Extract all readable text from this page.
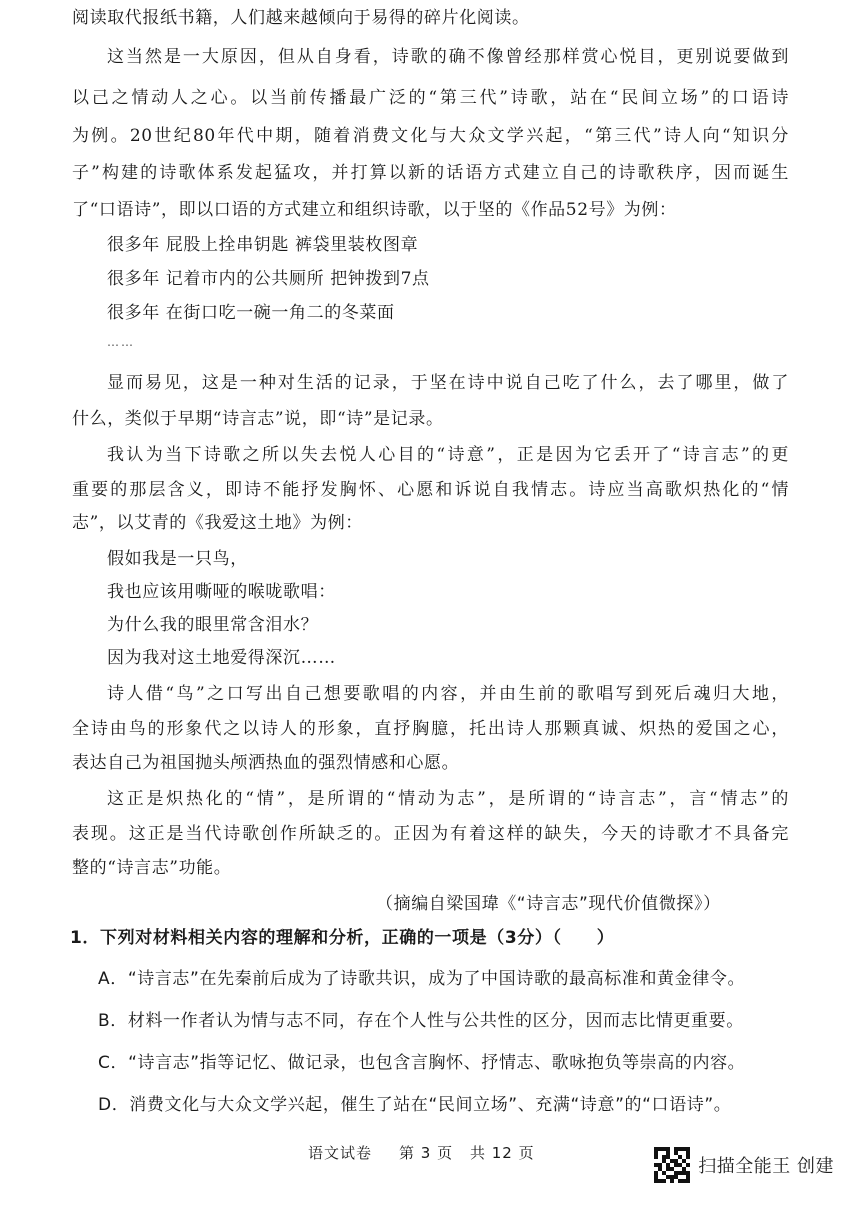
阅读取代报纸书籍，人们越来越倾向于易得的碎片化阅读。
这当然是一大原因，但从自身看，诗歌的确不像曾经那样赏心悦目，更别说要做到
以己之情动人之心。以当前传播最广泛的“第三代”诗歌，站在“民间立场”的口语诗
为例。20世纪80年代中期，随着消费文化与大众文学兴起，“第三代”诗人向“知识分
子”构建的诗歌体系发起猛攻，并打算以新的话语方式建立自己的诗歌秩序，因而诞生
了“口语诗”，即以口语的方式建立和组织诗歌，以于坚的《作品52号》为例：
很多年 屁股上拴串钥匙 裤袋里装枚图章
很多年 记着市内的公共厕所 把钟拨到7点
很多年 在街口吃一碗一角二的冬菜面
……
显而易见，这是一种对生活的记录，于坚在诗中说自己吃了什么，去了哪里，做了
什么，类似于早期“诗言志”说，即“诗”是记录。
我认为当下诗歌之所以失去悦人心目的“诗意”，正是因为它丢开了“诗言志”的更
重要的那层含义，即诗不能抒发胸怀、心愿和诉说自我情志。诗应当高歌炽热化的“情
志”，以艾青的《我爱这土地》为例：
假如我是一只鸟，
我也应该用嘶哑的喉咙歌唱：
为什么我的眼里常含泪水？
因为我对这土地爱得深沉……
诗人借“鸟”之口写出自己想要歌唱的内容，并由生前的歌唱写到死后魂归大地，
全诗由鸟的形象代之以诗人的形象，直抒胸臆，托出诗人那颗真诚、炽热的爱国之心，
表达自己为祖国抛头颅洒热血的强烈情感和心愿。
这正是炽热化的“情”，是所谓的“情动为志”，是所谓的“诗言志”，言“情志”的
表现。这正是当代诗歌创作所缺乏的。正因为有着这样的缺失，今天的诗歌才不具备完
整的“诗言志”功能。
（摘编自梁国瑋《“诗言志”现代价值微探》）
1．下列对材料相关内容的理解和分析，正确的一项是（3分）（　　）
A．“诗言志”在先秦前后成为了诗歌共识，成为了中国诗歌的最高标准和黄金律令。
B．材料一作者认为情与志不同，存在个人性与公共性的区分，因而志比情更重要。
C．“诗言志”指等记忆、做记录，也包含言胸怀、抒情志、歌咏抱负等崇高的内容。
D．消费文化与大众文学兴起，催生了站在“民间立场”、充满“诗意”的“口语诗”。
语文试卷 第 3 页 共 12 页
扫描全能王 创建
